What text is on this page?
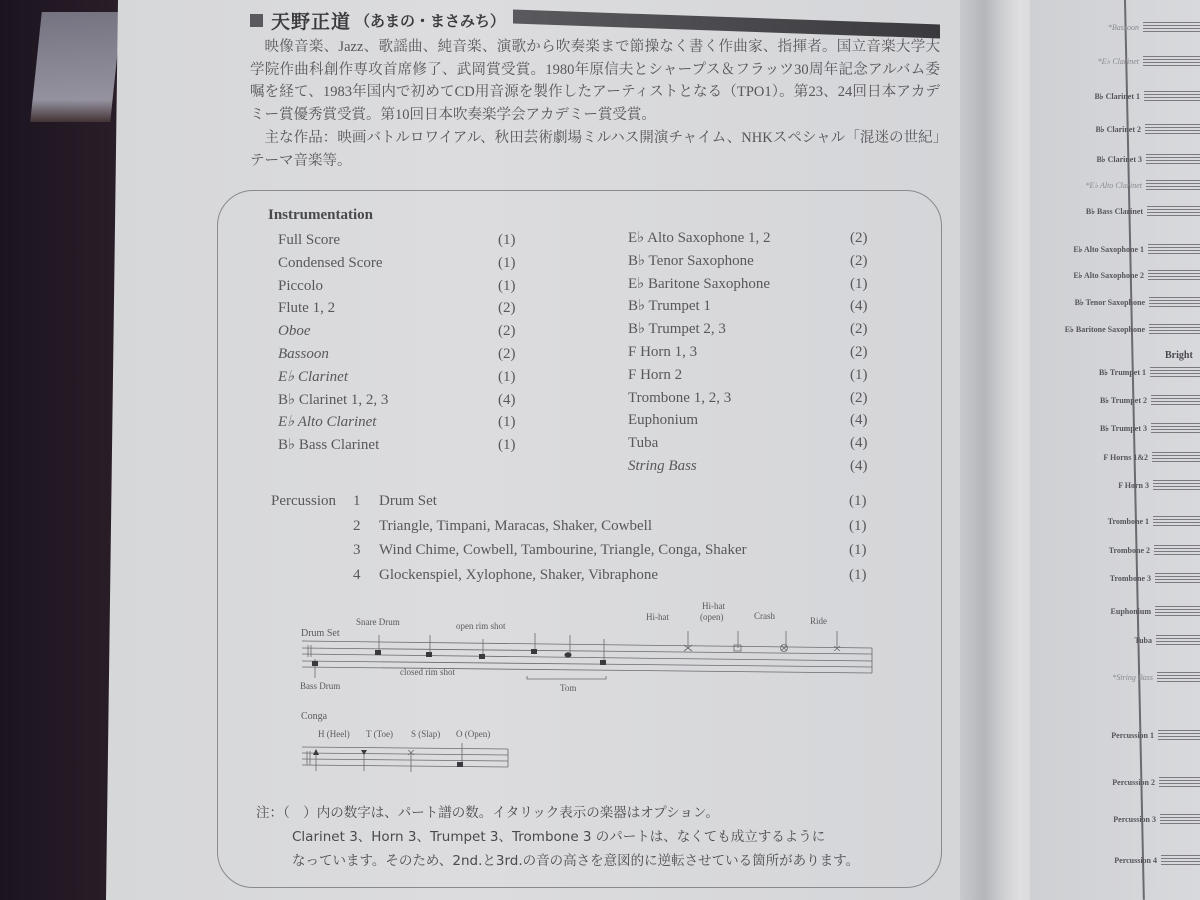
天野正道 （あまの・まさみち）

映像音楽、Jazz、歌謡曲、純音楽、演歌から吹奏楽まで節操なく書く作曲家、指揮者。国立音楽大学大学院作曲科創作専攻首席修了、武岡賞受賞。1980年原信夫とシャープス＆フラッツ30周年記念アルバム委嘱を経て、1983年国内で初めてCD用音源を製作したアーティストとなる（TPO1）。第23、24回日本アカデミー賞優秀賞受賞。第10回日本吹奏楽学会アカデミー賞受賞。

主な作品：映画バトルロワイアル、秋田芸術劇場ミルハス開演チャイム、NHKスペシャル「混迷の世紀」テーマ音楽等。

Instrumentation
Full Score	(1)
Condensed Score	(1)
Piccolo	(1)
Flute 1, 2	(2)
Oboe	(2)
Bassoon	(2)
E♭ Clarinet	(1)
B♭ Clarinet 1, 2, 3	(4)
E♭ Alto Clarinet	(1)
B♭ Bass Clarinet	(1)
E♭ Alto Saxophone 1, 2	(2)
B♭ Tenor Saxophone	(2)
E♭ Baritone Saxophone	(1)
B♭ Trumpet 1	(4)
B♭ Trumpet 2, 3	(2)
F Horn 1, 3	(2)
F Horn 2	(1)
Trombone 1, 2, 3	(2)
Euphonium	(4)
Tuba	(4)
String Bass	(4)
Percussion 1 Drum Set	(1)
2 Triangle, Timpani, Maracas, Shaker, Cowbell	(1)
3 Wind Chime, Cowbell, Tambourine, Triangle, Conga, Shaker	(1)
4 Glockenspiel, Xylophone, Shaker, Vibraphone	(1)
Drum Set
Snare Drum	open rim shot
Hi-hat
Hi-hat
(open)	Crash	Ride
Bass Drum
closed rim shot
Tom
Conga
H (Heel) T (Toe) S (Slap) O (Open)
注：（　）内の数字は、パート譜の数。イタリック表示の楽器はオプション。
Clarinet 3、Horn 3、Trumpet 3、Trombone 3 のパートは、なくても成立するように
なっています。そのため、2nd.と3rd.の音の高さを意図的に逆転させている箇所があります。
Bright
*Bassoon
*E♭ Clarinet
B♭ Clarinet 1
B♭ Clarinet 2
B♭ Clarinet 3
*E♭ Alto Clarinet
B♭ Bass Clarinet
E♭ Alto Saxophone 1
E♭ Alto Saxophone 2
B♭ Tenor Saxophone
E♭ Baritone Saxophone
B♭ Trumpet 1
B♭ Trumpet 2
B♭ Trumpet 3
F Horns 1&2
F Horn 3
Trombone 1
Trombone 2
Trombone 3
Euphonium
Tuba
*String Bass
Percussion 1
Percussion 2
Percussion 3
Percussion 4
